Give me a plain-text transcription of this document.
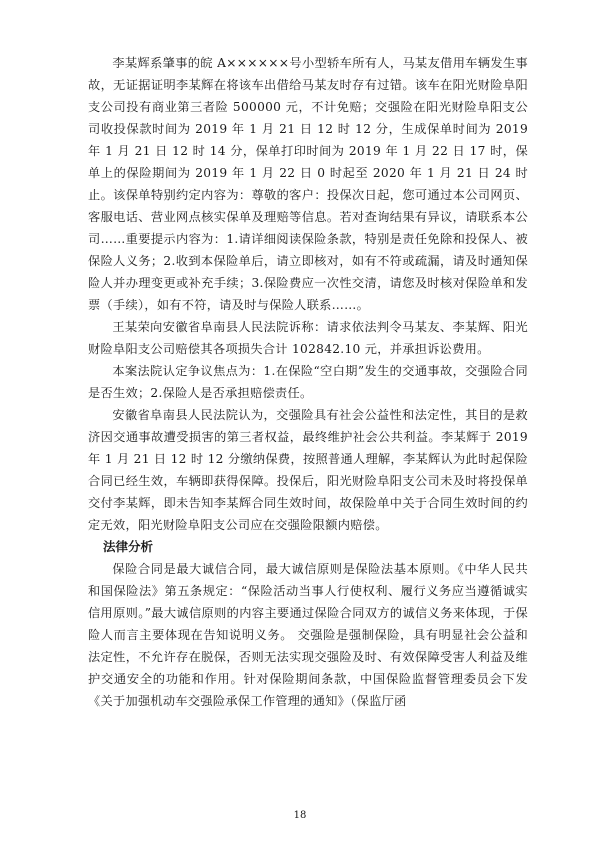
李某辉系肇事的皖 A××××××号小型轿车所有人，马某友借用车辆发生事故，无证据证明李某辉在将该车出借给马某友时存有过错。该车在阳光财险阜阳支公司投有商业第三者险 500000 元，不计免赔；交强险在阳光财险阜阳支公司收投保款时间为 2019 年 1 月 21 日 12 时 12 分，生成保单时间为 2019 年 1 月 21 日 12 时 14 分，保单打印时间为 2019 年 1 月 22 日 17 时，保单上的保险期间为 2019 年 1 月 22 日 0 时起至 2020 年 1 月 21 日 24 时止。该保单特别约定内容为：尊敬的客户：投保次日起，您可通过本公司网页、客服电话、营业网点核实保单及理赔等信息。若对查询结果有异议，请联系本公司……重要提示内容为：1.请详细阅读保险条款，特别是责任免除和投保人、被保险人义务；2.收到本保险单后，请立即核对，如有不符或疏漏，请及时通知保险人并办理变更或补充手续；3.保险费应一次性交清，请您及时核对保险单和发票（手续），如有不符，请及时与保险人联系……。

王某荣向安徽省阜南县人民法院诉称：请求依法判令马某友、李某辉、阳光财险阜阳支公司赔偿其各项损失合计 102842.10 元，并承担诉讼费用。

本案法院认定争议焦点为：1.在保险“空白期”发生的交通事故，交强险合同是否生效；2.保险人是否承担赔偿责任。

安徽省阜南县人民法院认为，交强险具有社会公益性和法定性，其目的是救济因交通事故遭受损害的第三者权益，最终维护社会公共利益。李某辉于 2019 年 1 月 21 日 12 时 12 分缴纳保费，按照普通人理解，李某辉认为此时起保险合同已经生效，车辆即获得保障。投保后，阳光财险阜阳支公司未及时将投保单交付李某辉，即未告知李某辉合同生效时间，故保险单中关于合同生效时间的约定无效，阳光财险阜阳支公司应在交强险限额内赔偿。

法律分析

保险合同是最大诚信合同，最大诚信原则是保险法基本原则。《中华人民共和国保险法》第五条规定：“保险活动当事人行使权利、履行义务应当遵循诚实信用原则。”最大诚信原则的内容主要通过保险合同双方的诚信义务来体现，于保险人而言主要体现在告知说明义务。 交强险是强制保险，具有明显社会公益和法定性，不允许存在脱保，否则无法实现交强险及时、有效保障受害人利益及维护交通安全的功能和作用。针对保险期间条款，中国保险监督管理委员会下发《关于加强机动车交强险承保工作管理的通知》（保监厅函

18
